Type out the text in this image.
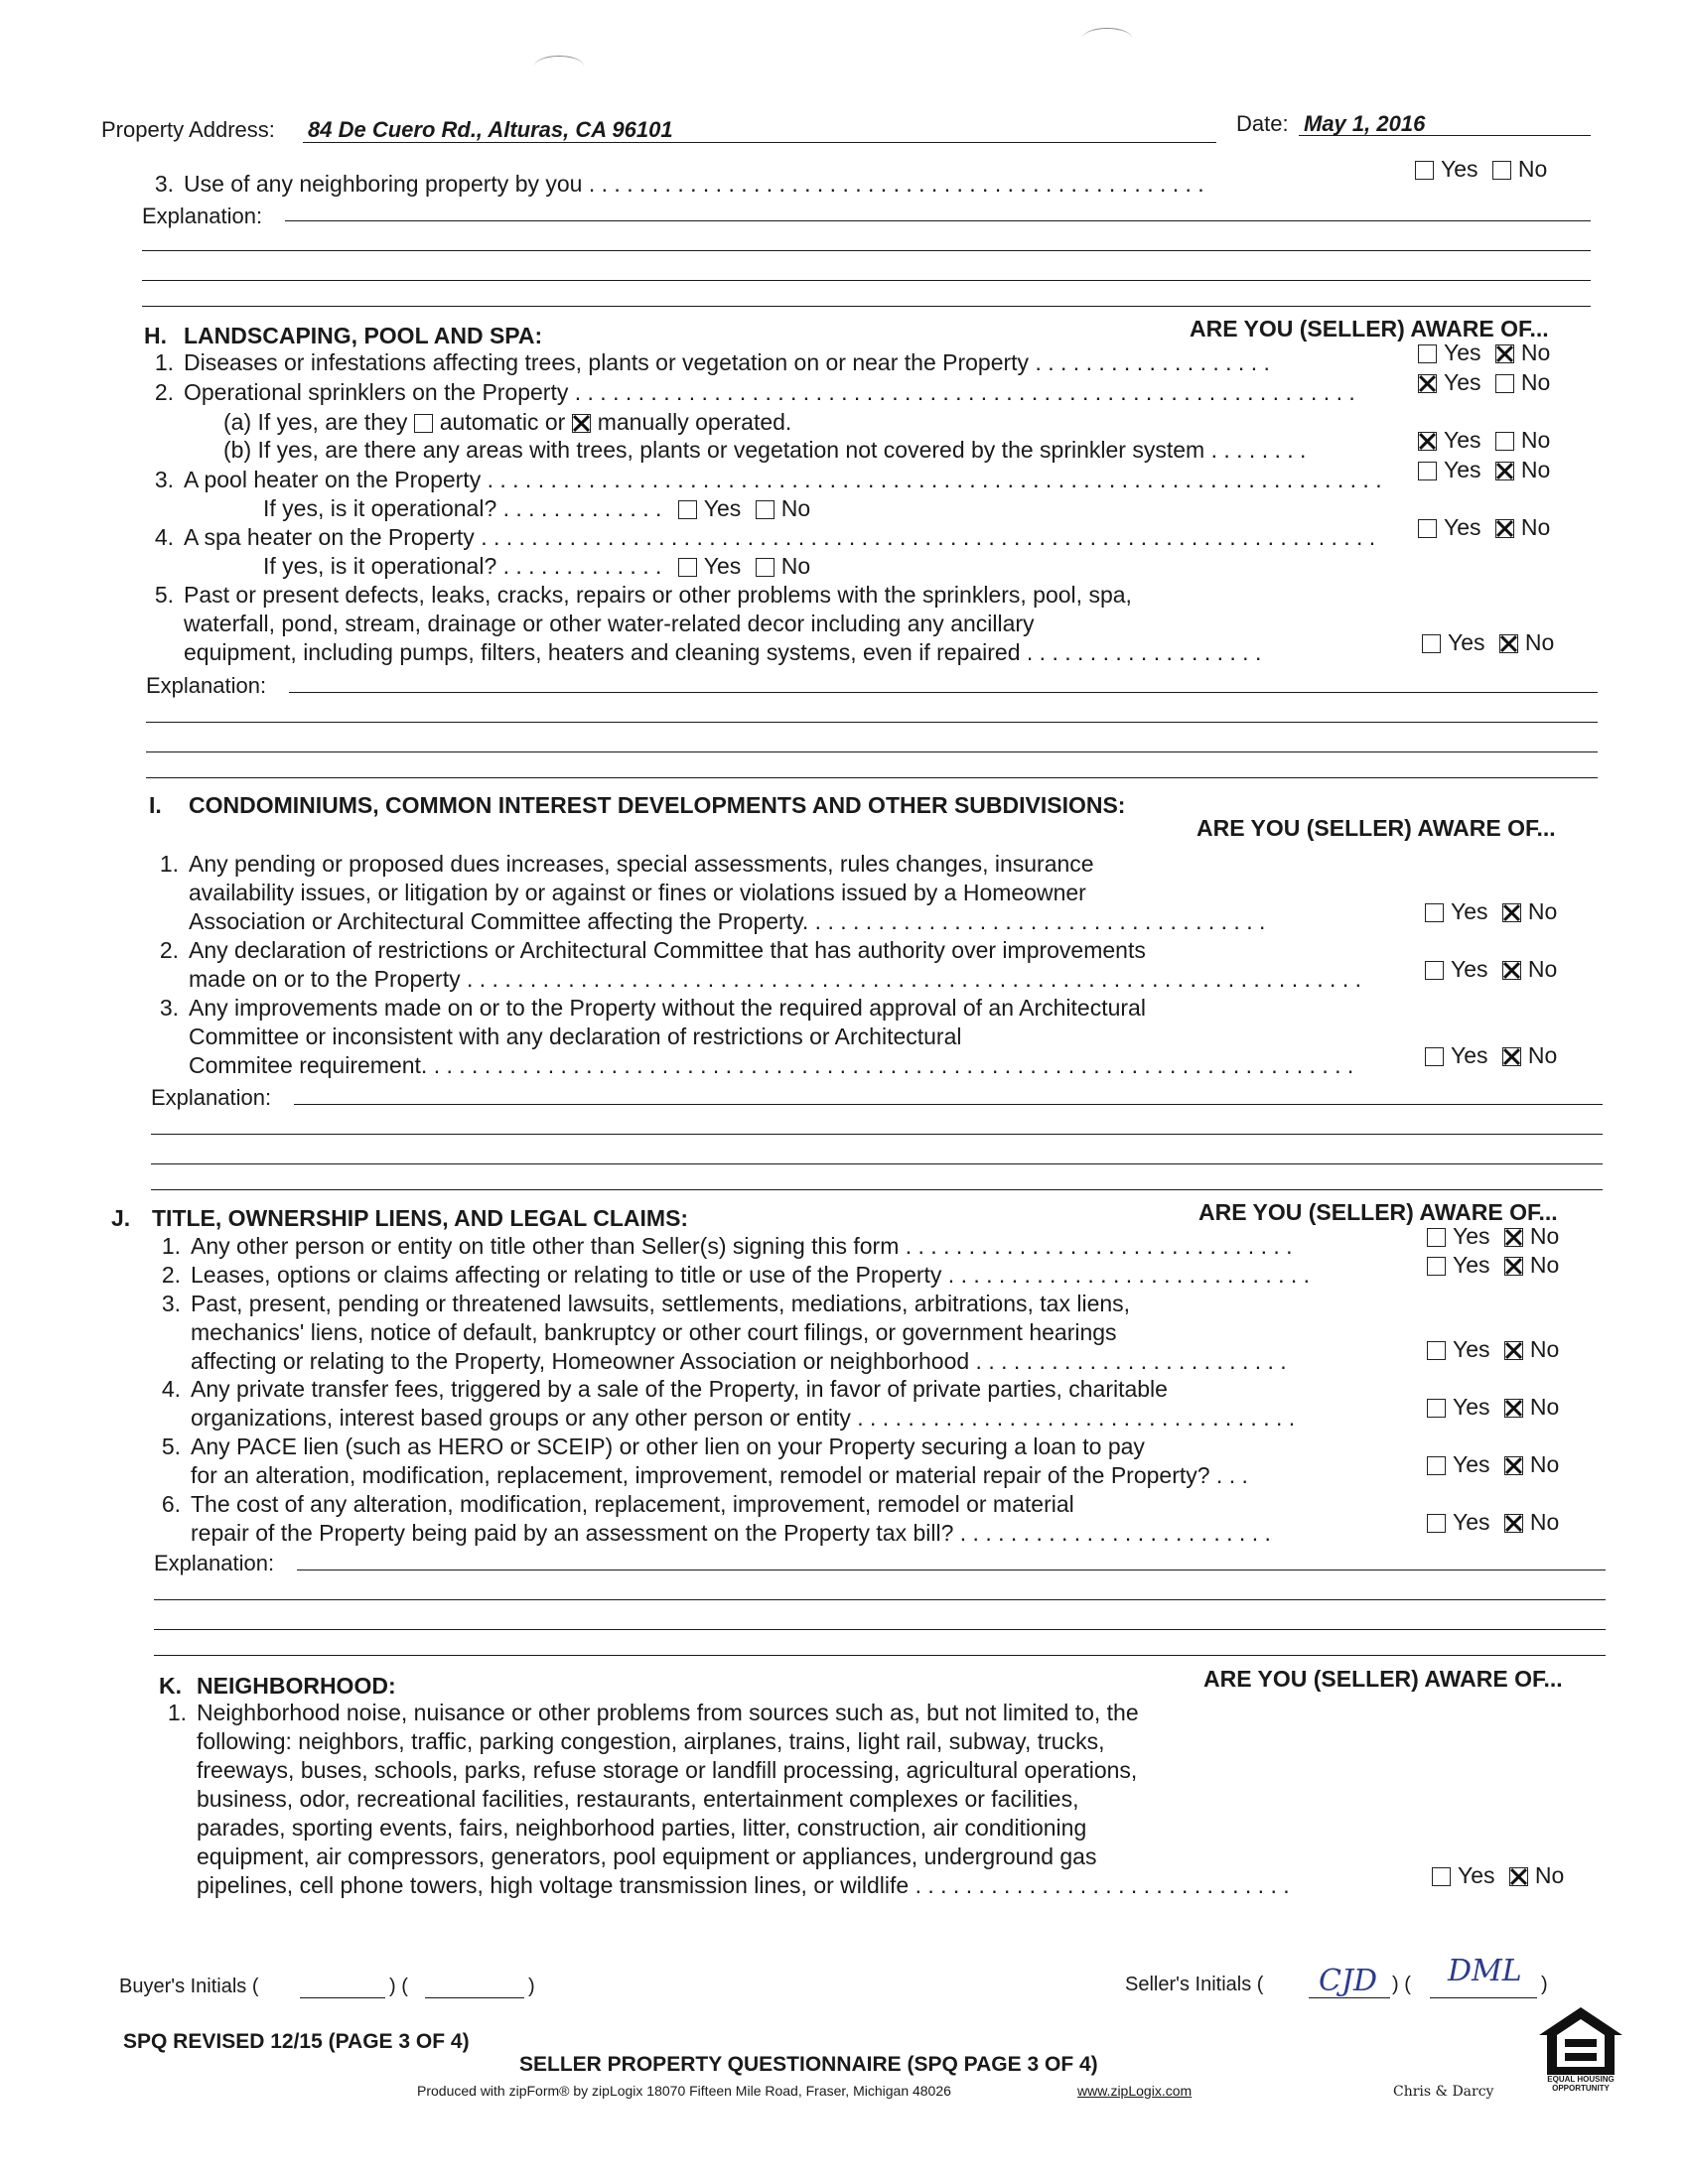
Property Address: 84 De Cuero Rd., Alturas, CA 96101	Date: May 1, 2016
3. Use of any neighboring property by you . . . . . . . . . . . . . . . . . . . . . . . . . . . . . . . . . . . . . . . . . . . . . . . . .
Yes No
Explanation:
H. LANDSCAPING, POOL AND SPA:	ARE YOU (SELLER) AWARE OF...
1. Diseases or infestations affecting trees, plants or vegetation on or near the Property . . . . . . . . . . . . . . . . . . .	Yes No
2. Operational sprinklers on the Property . . . . . . . . . . . . . . . . . . . . . . . . . . . . . . . . . . . . . . . . . . . . . . . . . . . . . . . . . . . . . .	Yes No
(a) If yes, are they automatic or manually operated.
(b) If yes, are there any areas with trees, plants or vegetation not covered by the sprinkler system . . . . . . . .	Yes No
3. A pool heater on the Property . . . . . . . . . . . . . . . . . . . . . . . . . . . . . . . . . . . . . . . . . . . . . . . . . . . . . . . . . . . . . . . . . . . . . . .	Yes No
If yes, is it operational? . . . . . . . . . . . . . Yes No
4. A spa heater on the Property . . . . . . . . . . . . . . . . . . . . . . . . . . . . . . . . . . . . . . . . . . . . . . . . . . . . . . . . . . . . . . . . . . . . . . .	Yes No
If yes, is it operational? . . . . . . . . . . . . . Yes No
5. Past or present defects, leaks, cracks, repairs or other problems with the sprinklers, pool, spa,
waterfall, pond, stream, drainage or other water-related decor including any ancillary
equipment, including pumps, filters, heaters and cleaning systems, even if repaired . . . . . . . . . . . . . . . . . . .	Yes No
Explanation:
I. CONDOMINIUMS, COMMON INTEREST DEVELOPMENTS AND OTHER SUBDIVISIONS:
ARE YOU (SELLER) AWARE OF...
1. Any pending or proposed dues increases, special assessments, rules changes, insurance
availability issues, or litigation by or against or fines or violations issued by a Homeowner
Association or Architectural Committee affecting the Property. . . . . . . . . . . . . . . . . . . . . . . . . . . . . . . . . . . . .	Yes No
2. Any declaration of restrictions or Architectural Committee that has authority over improvements
made on or to the Property . . . . . . . . . . . . . . . . . . . . . . . . . . . . . . . . . . . . . . . . . . . . . . . . . . . . . . . . . . . . . . . . . . . . . . .	Yes No
3. Any improvements made on or to the Property without the required approval of an Architectural
Committee or inconsistent with any declaration of restrictions or Architectural
Commitee requirement. . . . . . . . . . . . . . . . . . . . . . . . . . . . . . . . . . . . . . . . . . . . . . . . . . . . . . . . . . . . . . . . . . . . . . . . . .	Yes No
Explanation:
J. TITLE, OWNERSHIP LIENS, AND LEGAL CLAIMS:	ARE YOU (SELLER) AWARE OF...
1. Any other person or entity on title other than Seller(s) signing this form . . . . . . . . . . . . . . . . . . . . . . . . . . . . . . .	Yes No
2. Leases, options or claims affecting or relating to title or use of the Property . . . . . . . . . . . . . . . . . . . . . . . . . . . . .	Yes No
3. Past, present, pending or threatened lawsuits, settlements, mediations, arbitrations, tax liens,
mechanics' liens, notice of default, bankruptcy or other court filings, or government hearings
affecting or relating to the Property, Homeowner Association or neighborhood . . . . . . . . . . . . . . . . . . . . . . . . .	Yes No
4. Any private transfer fees, triggered by a sale of the Property, in favor of private parties, charitable
organizations, interest based groups or any other person or entity . . . . . . . . . . . . . . . . . . . . . . . . . . . . . . . . . . .	Yes No
5. Any PACE lien (such as HERO or SCEIP) or other lien on your Property securing a loan to pay
for an alteration, modification, replacement, improvement, remodel or material repair of the Property? . . .	Yes No
6. The cost of any alteration, modification, replacement, improvement, remodel or material
repair of the Property being paid by an assessment on the Property tax bill? . . . . . . . . . . . . . . . . . . . . . . . . .	Yes No
Explanation:
K. NEIGHBORHOOD:	ARE YOU (SELLER) AWARE OF...
1. Neighborhood noise, nuisance or other problems from sources such as, but not limited to, the
following: neighbors, traffic, parking congestion, airplanes, trains, light rail, subway, trucks,
freeways, buses, schools, parks, refuse storage or landfill processing, agricultural operations,
business, odor, recreational facilities, restaurants, entertainment complexes or facilities,
parades, sporting events, fairs, neighborhood parties, litter, construction, air conditioning
equipment, air compressors, generators, pool equipment or appliances, underground gas
pipelines, cell phone towers, high voltage transmission lines, or wildlife . . . . . . . . . . . . . . . . . . . . . . . . . . . . . .	Yes No
Buyer's Initials (	) (	)	Seller's Initials ( CJD ) ( DML )
SPQ REVISED 12/15 (PAGE 3 OF 4)
SELLER PROPERTY QUESTIONNAIRE (SPQ PAGE 3 OF 4)
Produced with zipForm® by zipLogix 18070 Fifteen Mile Road, Fraser, Michigan 48026	www.zipLogix.com	Chris & Darcy
EQUAL HOUSING OPPORTUNITY
